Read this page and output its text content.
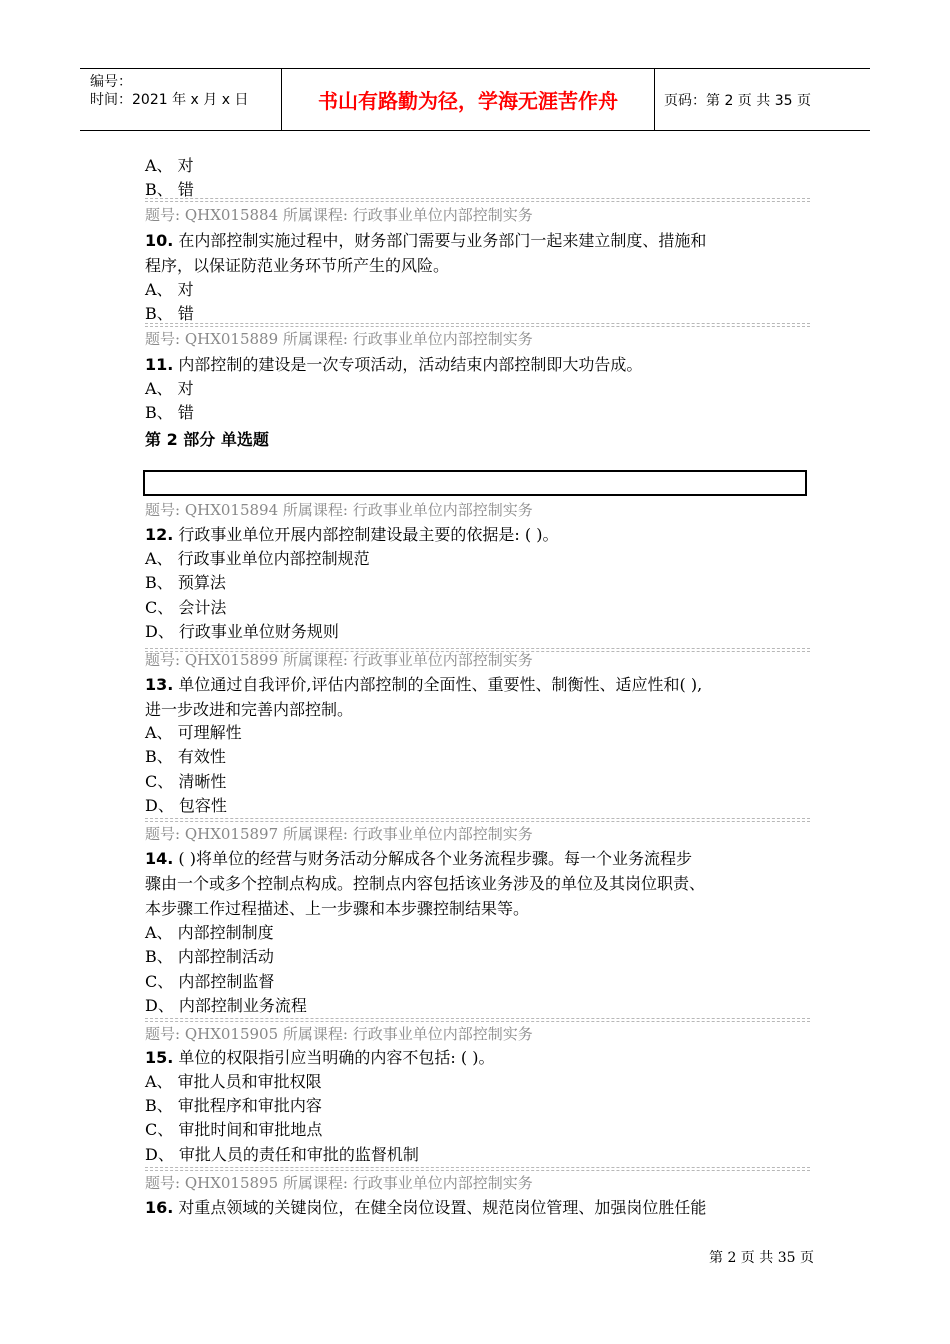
编号：
时间：2021 年 x 月 x 日	书山有路勤为径，学海无涯苦作舟	页码：第 2 页 共 35 页
A、 对
B、 错
题号: QHX015884 所属课程: 行政事业单位内部控制实务
10. 在内部控制实施过程中，财务部门需要与业务部门一起来建立制度、措施和
程序，以保证防范业务环节所产生的风险。
A、 对
B、 错
题号: QHX015889 所属课程: 行政事业单位内部控制实务
11. 内部控制的建设是一次专项活动，活动结束内部控制即大功告成。
A、 对
B、 错
第 2 部分 单选题
题号: QHX015894 所属课程: 行政事业单位内部控制实务
12. 行政事业单位开展内部控制建设最主要的依据是: ( )。
A、 行政事业单位内部控制规范
B、 预算法
C、 会计法
D、 行政事业单位财务规则
题号: QHX015899 所属课程: 行政事业单位内部控制实务
13. 单位通过自我评价,评估内部控制的全面性、重要性、制衡性、适应性和( ),
进一步改进和完善内部控制。
A、 可理解性
B、 有效性
C、 清晰性
D、 包容性
题号: QHX015897 所属课程: 行政事业单位内部控制实务
14. ( )将单位的经营与财务活动分解成各个业务流程步骤。每一个业务流程步
骤由一个或多个控制点构成。控制点内容包括该业务涉及的单位及其岗位职责、
本步骤工作过程描述、上一步骤和本步骤控制结果等。
A、 内部控制制度
B、 内部控制活动
C、 内部控制监督
D、 内部控制业务流程
题号: QHX015905 所属课程: 行政事业单位内部控制实务
15. 单位的权限指引应当明确的内容不包括: ( )。
A、 审批人员和审批权限
B、 审批程序和审批内容
C、 审批时间和审批地点
D、 审批人员的责任和审批的监督机制
题号: QHX015895 所属课程: 行政事业单位内部控制实务
16. 对重点领域的关键岗位，在健全岗位设置、规范岗位管理、加强岗位胜任能
第 2 页 共 35 页
